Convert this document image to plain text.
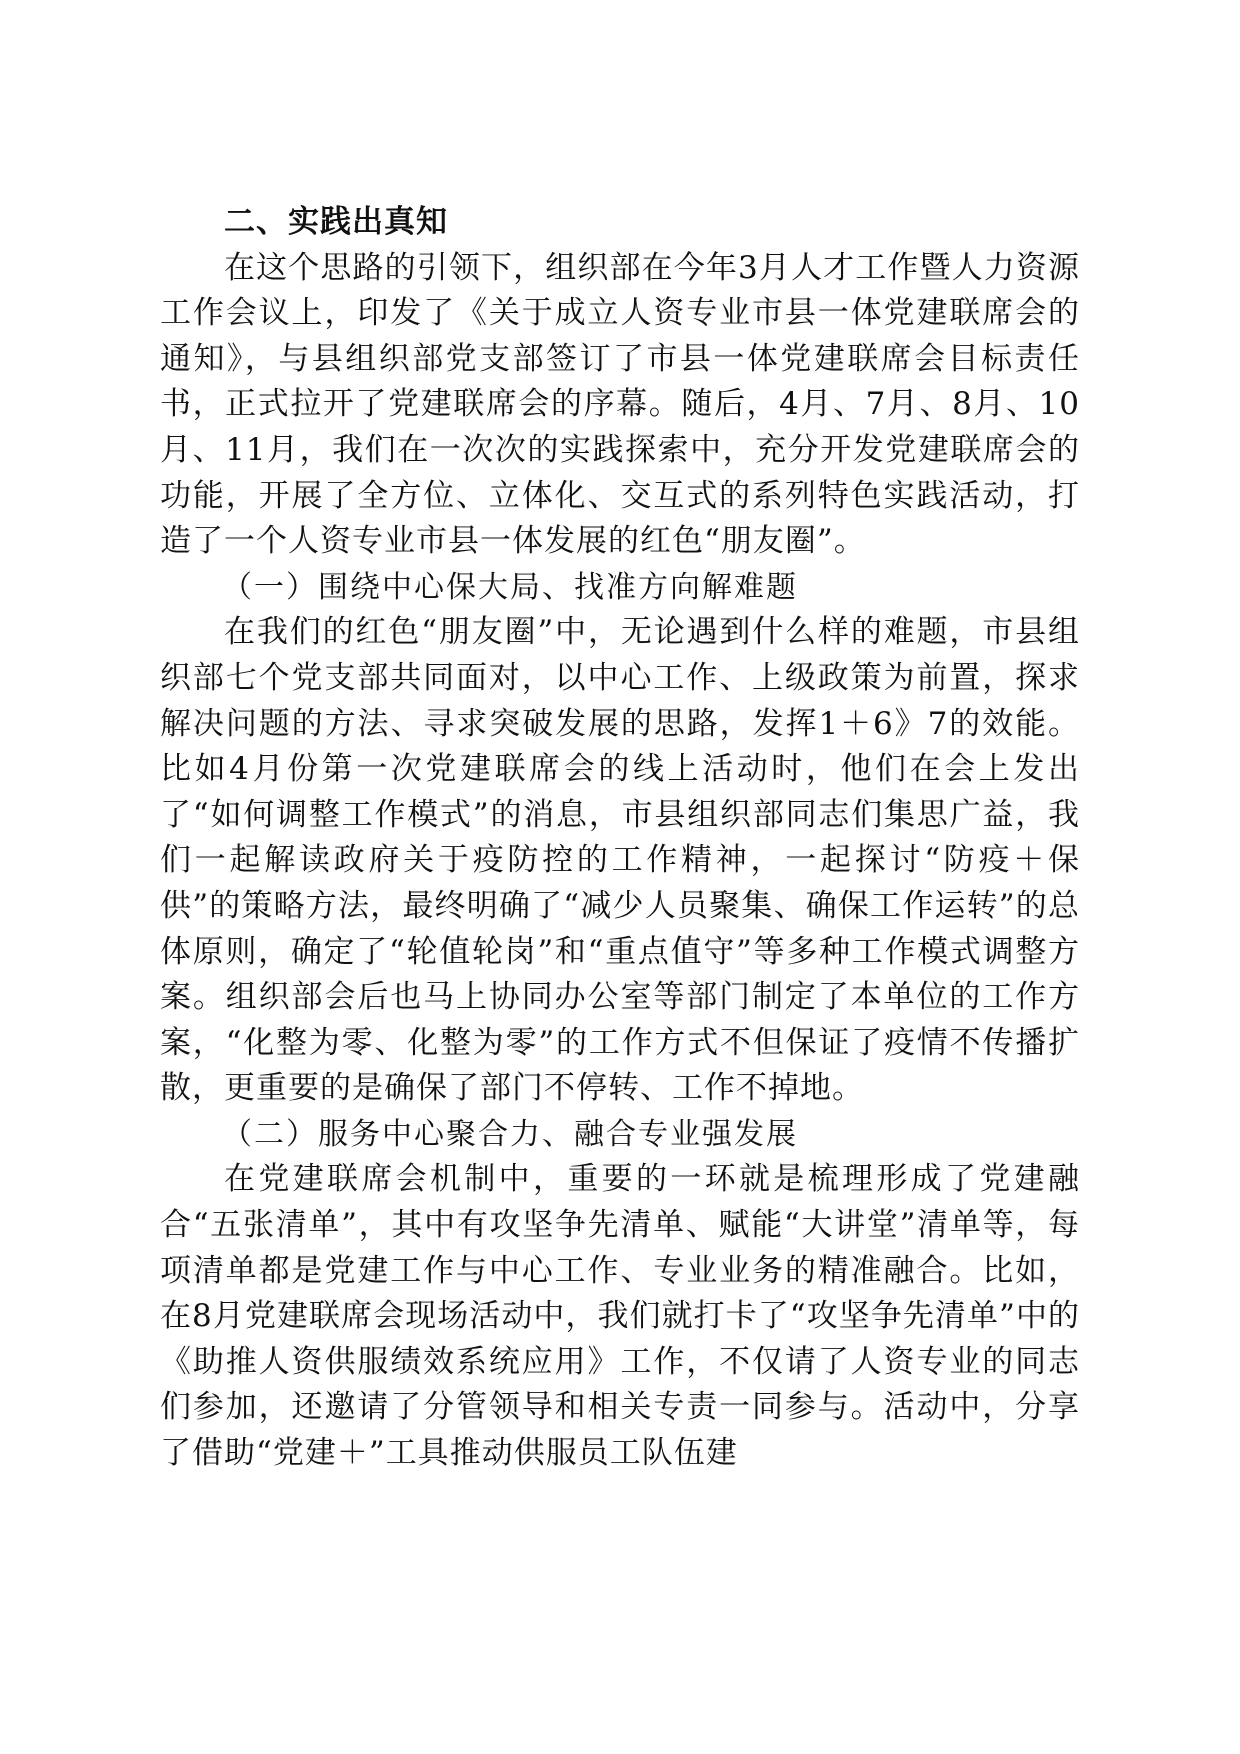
二、实践出真知

在这个思路的引领下，组织部在今年3月人才工作暨人力资源工作会议上，印发了《关于成立人资专业市县一体党建联席会的通知》，与县组织部党支部签订了市县一体党建联席会目标责任书，正式拉开了党建联席会的序幕。随后，4月、7月、8月、10月、11月，我们在一次次的实践探索中，充分开发党建联席会的功能，开展了全方位、立体化、交互式的系列特色实践活动，打造了一个人资专业市县一体发展的红色“朋友圈”。

（一）围绕中心保大局、找准方向解难题

在我们的红色“朋友圈”中，无论遇到什么样的难题，市县组织部七个党支部共同面对，以中心工作、上级政策为前置，探求解决问题的方法、寻求突破发展的思路，发挥1＋6》7的效能。比如4月份第一次党建联席会的线上活动时，他们在会上发出了“如何调整工作模式”的消息，市县组织部同志们集思广益，我们一起解读政府关于疫防控的工作精神，一起探讨“防疫＋保供”的策略方法，最终明确了“减少人员聚集、确保工作运转”的总体原则，确定了“轮值轮岗”和“重点值守”等多种工作模式调整方案。组织部会后也马上协同办公室等部门制定了本单位的工作方案，“化整为零、化整为零”的工作方式不但保证了疫情不传播扩散，更重要的是确保了部门不停转、工作不掉地。

（二）服务中心聚合力、融合专业强发展

在党建联席会机制中，重要的一环就是梳理形成了党建融合“五张清单”，其中有攻坚争先清单、赋能“大讲堂”清单等，每项清单都是党建工作与中心工作、专业业务的精准融合。比如，在8月党建联席会现场活动中，我们就打卡了“攻坚争先清单”中的《助推人资供服绩效系统应用》工作，不仅请了人资专业的同志们参加，还邀请了分管领导和相关专责一同参与。活动中，分享了借助“党建＋”工具推动供服员工队伍建
